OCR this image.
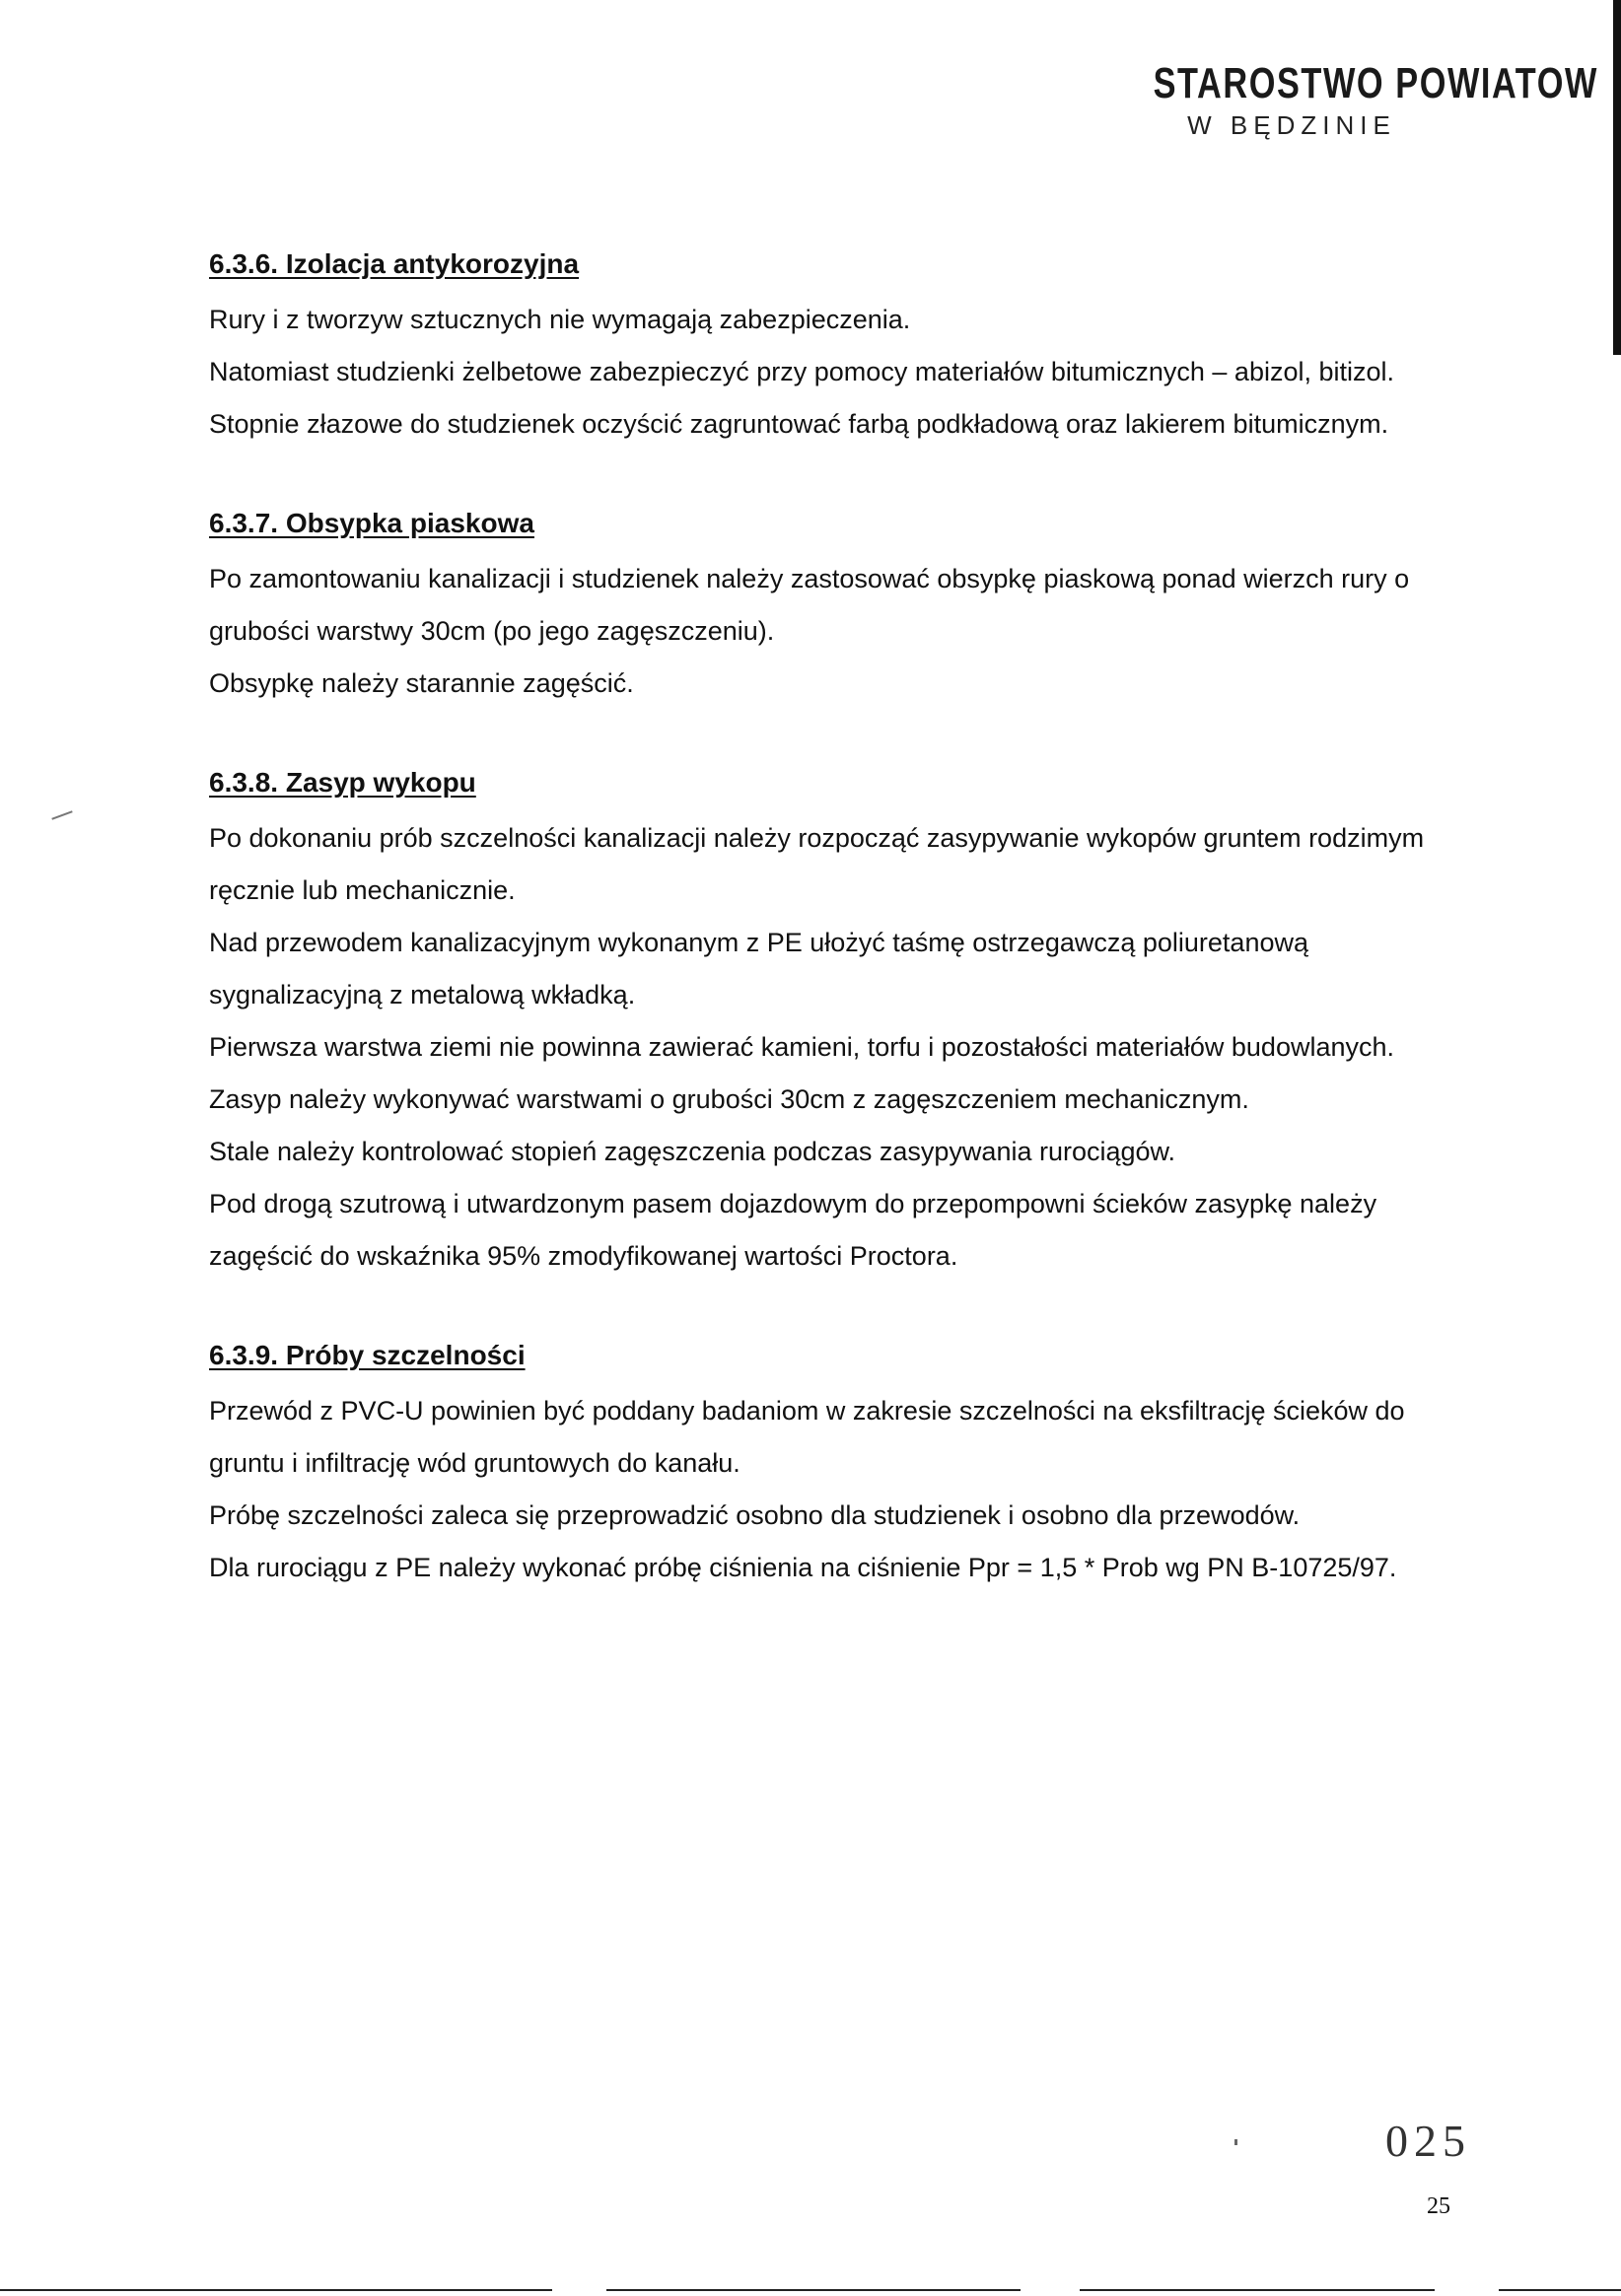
STAROSTWO POWIATOW
W BĘDZINIE
6.3.6. Izolacja antykorozyjna

Rury i z tworzyw sztucznych nie wymagają zabezpieczenia.

Natomiast studzienki żelbetowe zabezpieczyć przy pomocy materiałów bitumicznych – abizol, bitizol.

Stopnie złazowe do studzienek oczyścić zagruntować farbą podkładową oraz lakierem bitumicznym.

6.3.7. Obsypka piaskowa

Po zamontowaniu kanalizacji i studzienek należy zastosować obsypkę piaskową ponad wierzch rury o grubości warstwy 30cm (po jego zagęszczeniu).

Obsypkę należy starannie zagęścić.

6.3.8. Zasyp wykopu

Po dokonaniu prób szczelności kanalizacji należy rozpocząć zasypywanie wykopów gruntem rodzimym ręcznie lub mechanicznie.

Nad przewodem kanalizacyjnym wykonanym z PE ułożyć taśmę ostrzegawczą poliuretanową sygnalizacyjną z metalową wkładką.

Pierwsza warstwa ziemi nie powinna zawierać kamieni, torfu i pozostałości materiałów budowlanych.

Zasyp należy wykonywać warstwami o grubości 30cm z zagęszczeniem mechanicznym.

Stale należy kontrolować stopień zagęszczenia podczas zasypywania rurociągów.

Pod drogą szutrową i utwardzonym pasem dojazdowym do przepompowni ścieków zasypkę należy zagęścić do wskaźnika 95% zmodyfikowanej wartości Proctora.

6.3.9. Próby szczelności

Przewód z PVC-U powinien być poddany badaniom w zakresie szczelności na eksfiltrację ścieków do gruntu i infiltrację wód gruntowych do kanału.

Próbę szczelności zaleca się przeprowadzić osobno dla studzienek i osobno dla przewodów.

Dla rurociągu z PE należy wykonać próbę ciśnienia na ciśnienie Ppr = 1,5 * Prob wg PN B-10725/97.

025
25
